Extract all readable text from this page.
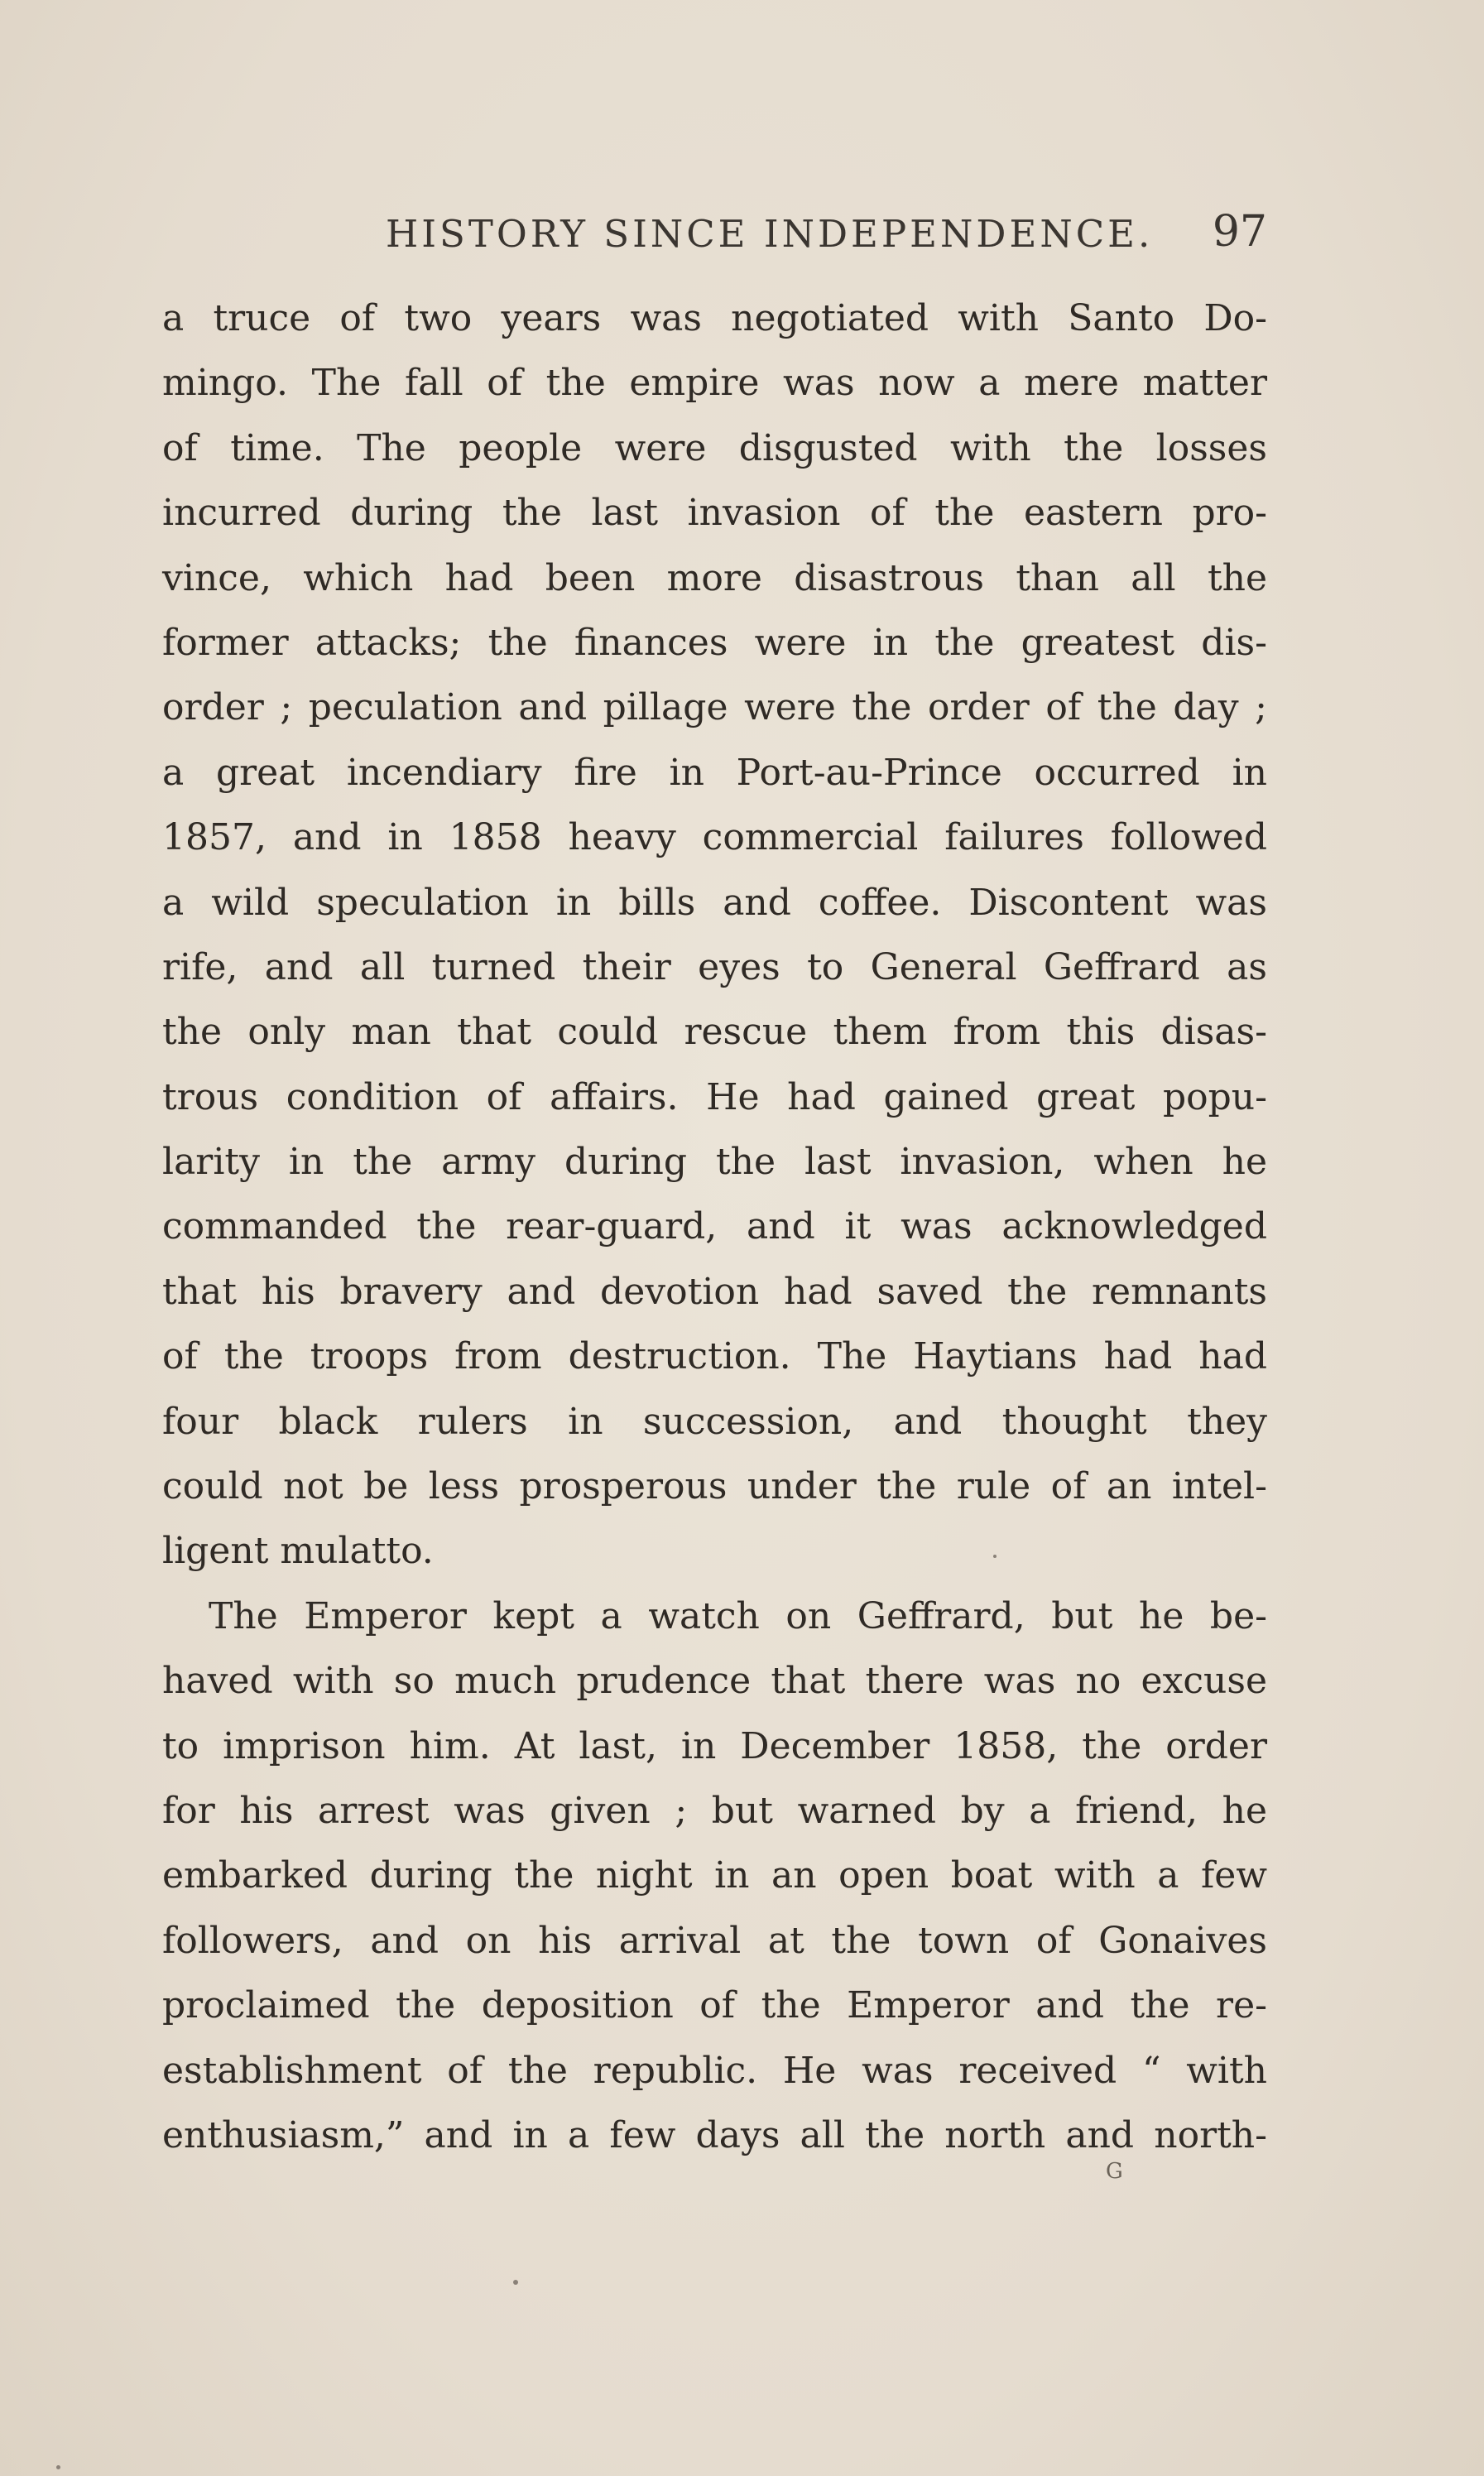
HISTORY SINCE INDEPENDENCE. 97
a truce of two years was negotiated with Santo Do-
mingo. The fall of the empire was now a mere matter
of time. The people were disgusted with the losses
incurred during the last invasion of the eastern pro-
vince, which had been more disastrous than all the
former attacks; the finances were in the greatest dis-
order ; peculation and pillage were the order of the day ;
a great incendiary fire in Port-au-Prince occurred in
1857, and in 1858 heavy commercial failures followed
a wild speculation in bills and coffee. Discontent was
rife, and all turned their eyes to General Geffrard as
the only man that could rescue them from this disas-
trous condition of affairs. He had gained great popu-
larity in the army during the last invasion, when he
commanded the rear-guard, and it was acknowledged
that his bravery and devotion had saved the remnants
of the troops from destruction. The Haytians had had
four black rulers in succession, and thought they
could not be less prosperous under the rule of an intel-
ligent mulatto.
The Emperor kept a watch on Geffrard, but he be-
haved with so much prudence that there was no excuse
to imprison him. At last, in December 1858, the order
for his arrest was given ; but warned by a friend, he
embarked during the night in an open boat with a few
followers, and on his arrival at the town of Gonaives
proclaimed the deposition of the Emperor and the re-
establishment of the republic. He was received “ with
enthusiasm,” and in a few days all the north and north-
G
